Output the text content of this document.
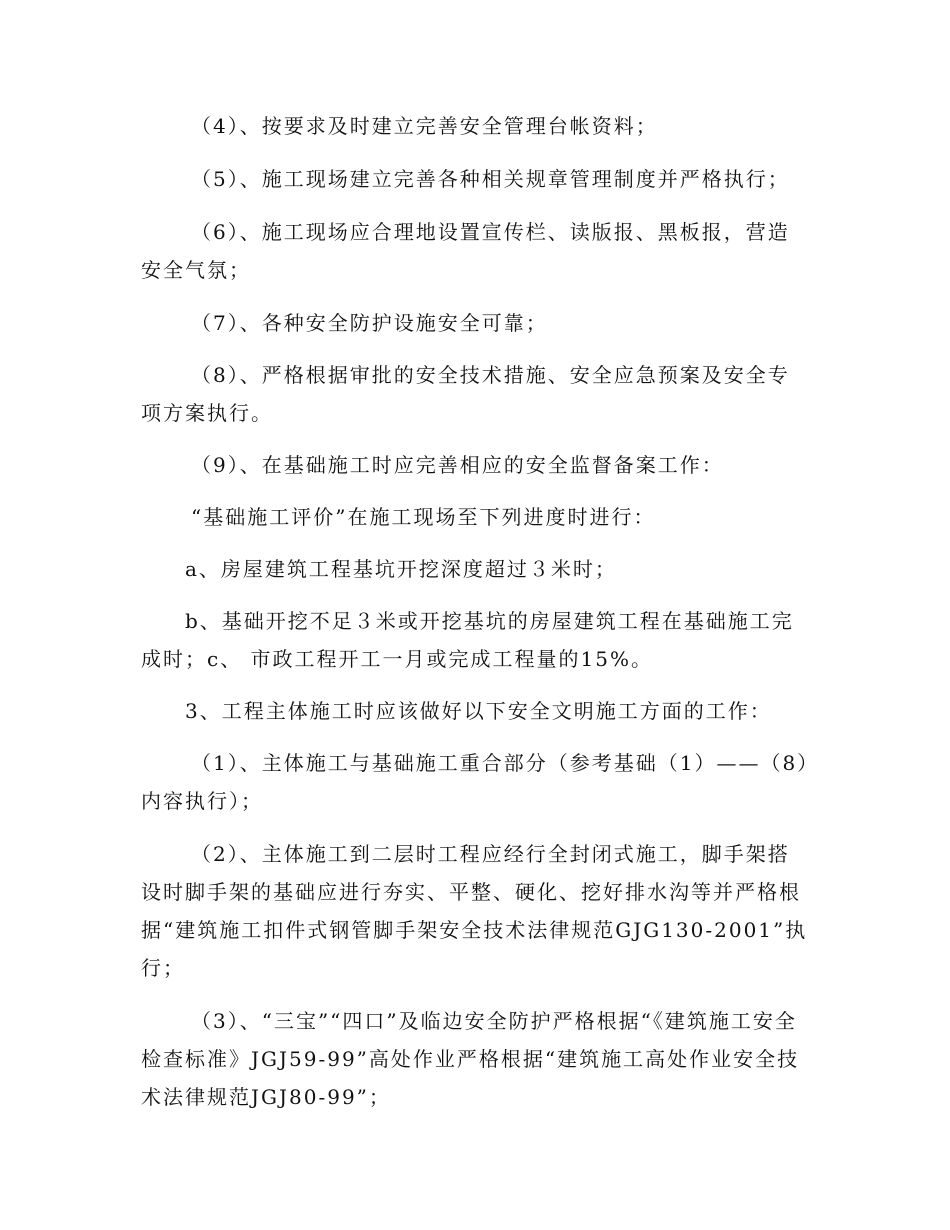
（4）、按要求及时建立完善安全管理台帐资料；
（5）、施工现场建立完善各种相关规章管理制度并严格执行；
（6）、施工现场应合理地设置宣传栏、读版报、黑板报，营造安全气氛；
（7）、各种安全防护设施安全可靠；
（8）、严格根据审批的安全技术措施、安全应急预案及安全专项方案执行。
（9）、在基础施工时应完善相应的安全监督备案工作：
“基础施工评价”在施工现场至下列进度时进行：
a、房屋建筑工程基坑开挖深度超过３米时；
b、基础开挖不足３米或开挖基坑的房屋建筑工程在基础施工完成时；c、 市政工程开工一月或完成工程量的15%。
3、工程主体施工时应该做好以下安全文明施工方面的工作：
（1）、主体施工与基础施工重合部分（参考基础（1）——（8）内容执行）；
（2）、主体施工到二层时工程应经行全封闭式施工，脚手架搭设时脚手架的基础应进行夯实、平整、硬化、挖好排水沟等并严格根据“建筑施工扣件式钢管脚手架安全技术法律规范GJG130-2001”执行；
（3）、“三宝”“四口”及临边安全防护严格根据“《建筑施工安全检查标准》JGJ59-99”高处作业严格根据“建筑施工高处作业安全技术法律规范JGJ80-99”；
